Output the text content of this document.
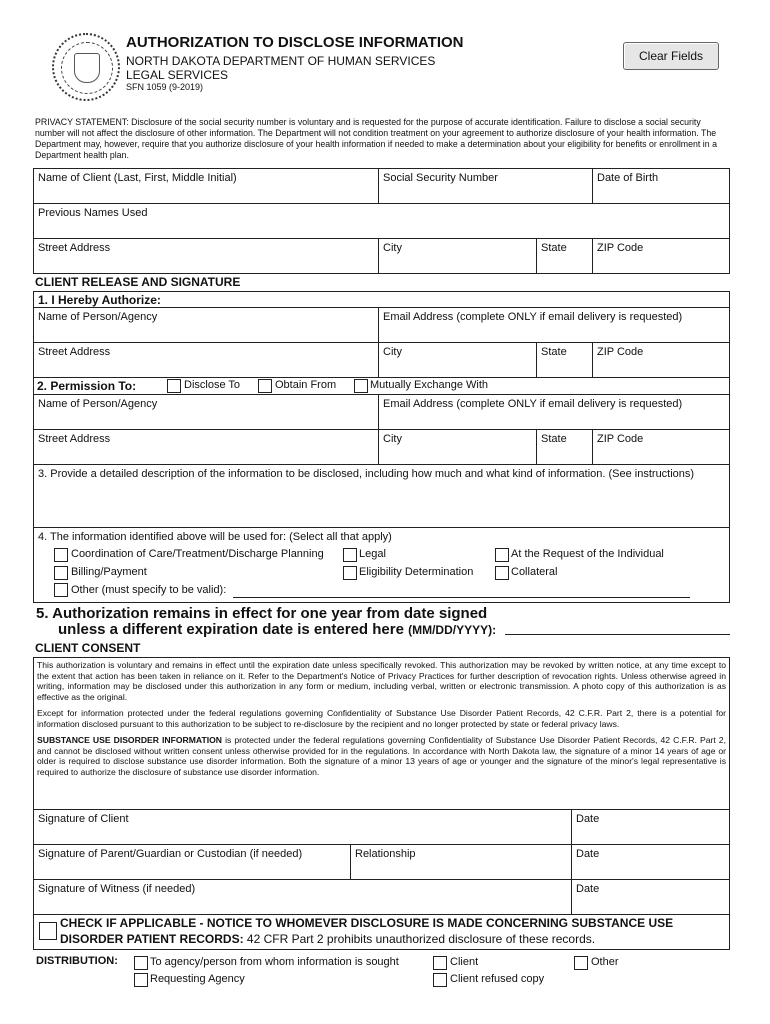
AUTHORIZATION TO DISCLOSE INFORMATION
NORTH DAKOTA DEPARTMENT OF HUMAN SERVICES
LEGAL SERVICES
SFN 1059 (9-2019)
Clear Fields
PRIVACY STATEMENT: Disclosure of the social security number is voluntary and is requested for the purpose of accurate identification. Failure to disclose a social security number will not affect the disclosure of other information. The Department will not condition treatment on your agreement to authorize disclosure of your health information. The Department may, however, require that you authorize disclosure of your health information if needed to make a determination about your eligibility for benefits or enrollment in a Department health plan.
Name of Client (Last, First, Middle Initial)	Social Security Number	Date of Birth
Previous Names Used
Street Address	City	State	ZIP Code
CLIENT RELEASE AND SIGNATURE
1. I Hereby Authorize:
Name of Person/Agency	Email Address (complete ONLY if email delivery is requested)
Street Address	City	State	ZIP Code
2. Permission To:	Disclose To	Obtain From	Mutually Exchange With
Name of Person/Agency	Email Address (complete ONLY if email delivery is requested)
Street Address	City	State	ZIP Code
3. Provide a detailed description of the information to be disclosed, including how much and what kind of information. (See instructions)
4. The information identified above will be used for: (Select all that apply)
Coordination of Care/Treatment/Discharge Planning	Legal	At the Request of the Individual
Billing/Payment	Eligibility Determination	Collateral
Other (must specify to be valid):
5. Authorization remains in effect for one year from date signed
unless a different expiration date is entered here (MM/DD/YYYY):
CLIENT CONSENT

This authorization is voluntary and remains in effect until the expiration date unless specifically revoked. This authorization may be revoked by written notice, at any time except to the extent that action has been taken in reliance on it. Refer to the Department's Notice of Privacy Practices for further description of revocation rights. Unless otherwise agreed in writing, information may be disclosed under this authorization in any form or medium, including verbal, written or electronic transmission. A photo copy of this authorization is as effective as the original.

Except for information protected under the federal regulations governing Confidentiality of Substance Use Disorder Patient Records, 42 C.F.R. Part 2, there is a potential for information disclosed pursuant to this authorization to be subject to re-disclosure by the recipient and no longer protected by state or federal privacy laws.

SUBSTANCE USE DISORDER INFORMATION is protected under the federal regulations governing Confidentiality of Substance Use Disorder Patient Records, 42 C.F.R. Part 2, and cannot be disclosed without written consent unless otherwise provided for in the regulations. In accordance with North Dakota law, the signature of a minor 14 years of age or older is required to disclose substance use disorder information. Both the signature of a minor 13 years of age or younger and the signature of the minor's legal representative is required to authorize the disclosure of substance use disorder information.

Signature of Client	Date
Signature of Parent/Guardian or Custodian (if needed)	Relationship	Date
Signature of Witness (if needed)	Date
CHECK IF APPLICABLE - NOTICE TO WHOMEVER DISCLOSURE IS MADE CONCERNING SUBSTANCE USE
DISORDER PATIENT RECORDS: 42 CFR Part 2 prohibits unauthorized disclosure of these records.
DISTRIBUTION:	To agency/person from whom information is sought	Client	Other
Requesting Agency	Client refused copy
